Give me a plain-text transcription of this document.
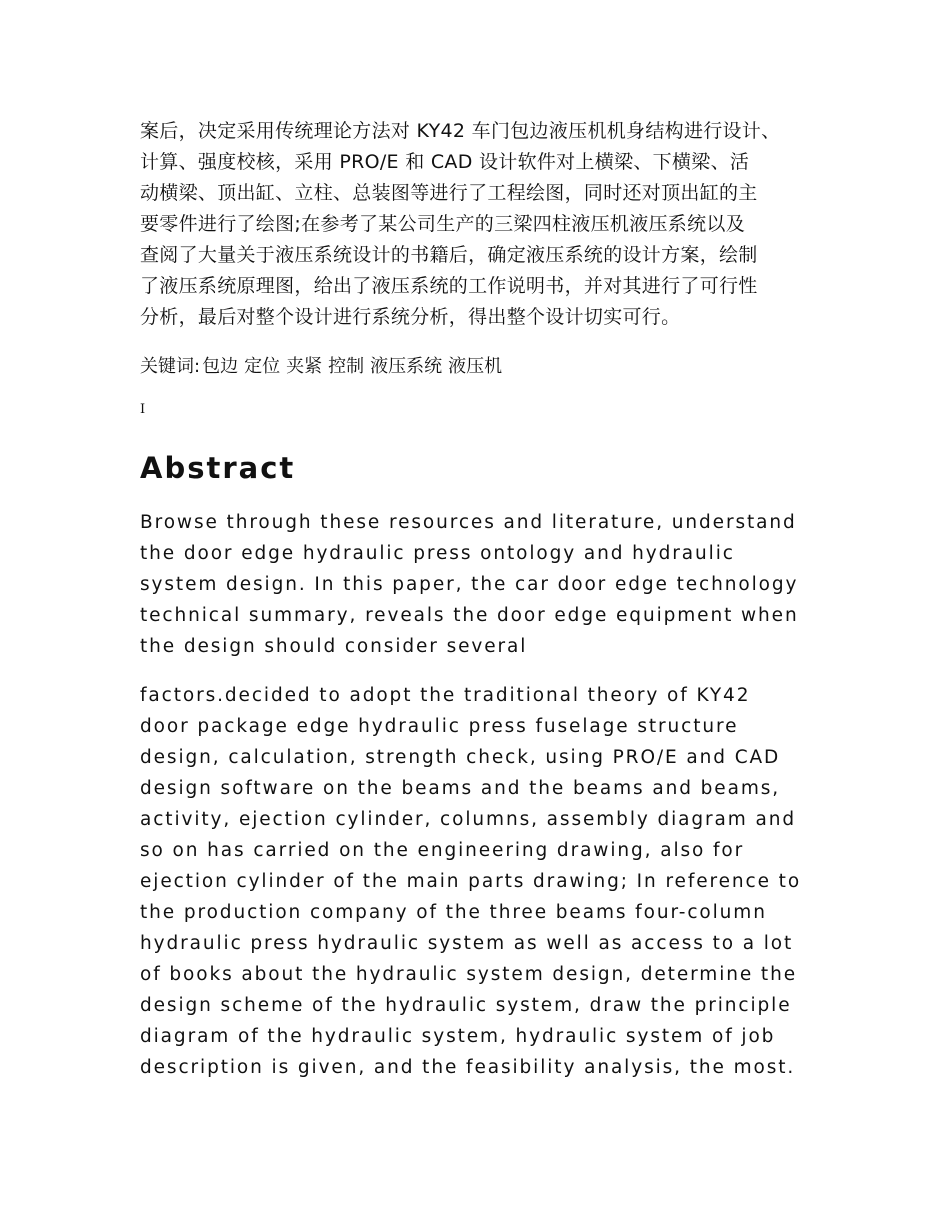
案后，决定采用传统理论方法对 KY42 车门包边液压机机身结构进行设计、
计算、强度校核，采用 PRO/E 和 CAD 设计软件对上横梁、下横梁、活
动横梁、顶出缸、立柱、总装图等进行了工程绘图，同时还对顶出缸的主
要零件进行了绘图;在参考了某公司生产的三梁四柱液压机液压系统以及
查阅了大量关于液压系统设计的书籍后，确定液压系统的设计方案，绘制
了液压系统原理图，给出了液压系统的工作说明书，并对其进行了可行性
分析，最后对整个设计进行系统分析，得出整个设计切实可行。
关键词: 包边 定位 夹紧 控制 液压系统 液压机
I
Abstract
Browse through these resources and literature, understand
the door edge hydraulic press ontology and hydraulic
system design. In this paper, the car door edge technology
technical summary, reveals the door edge equipment when
the design should consider several
factors.decided to adopt the traditional theory of KY42
door package edge hydraulic press fuselage structure
design, calculation, strength check, using PRO/E and CAD
design software on the beams and the beams and beams,
activity, ejection cylinder, columns, assembly diagram and
so on has carried on the engineering drawing, also for
ejection cylinder of the main parts drawing; In reference to
the production company of the three beams four-column
hydraulic press hydraulic system as well as access to a lot
of books about the hydraulic system design, determine the
design scheme of the hydraulic system, draw the principle
diagram of the hydraulic system, hydraulic system of job
description is given, and the feasibility analysis, the most.
